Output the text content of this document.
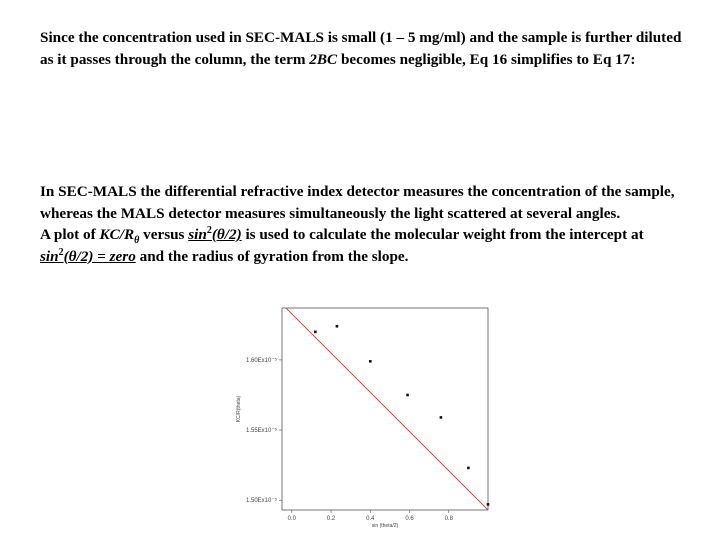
Since the concentration used in SEC-MALS is small (1 – 5 mg/ml) and the sample is further diluted as it passes through the column, the term 2BC becomes negligible, Eq 16 simplifies to Eq 17:

In SEC-MALS the differential refractive index detector measures the concentration of the sample, whereas the MALS detector measures simultaneously the light scattered at several angles.
A plot of $KC/R_\theta$ versus $\sin^2(\theta/2)$ is used to calculate the molecular weight from the intercept at $\sin^2(\theta/2)$ = zero and the radius of gyration from the slope.

0.0	0.2	0.4	0.6	0.8
1.60Ex10⁻⁵
1.55Ex10⁻⁵
1.50Ex10⁻⁵
KC/R(theta)
sin (theta/2)
